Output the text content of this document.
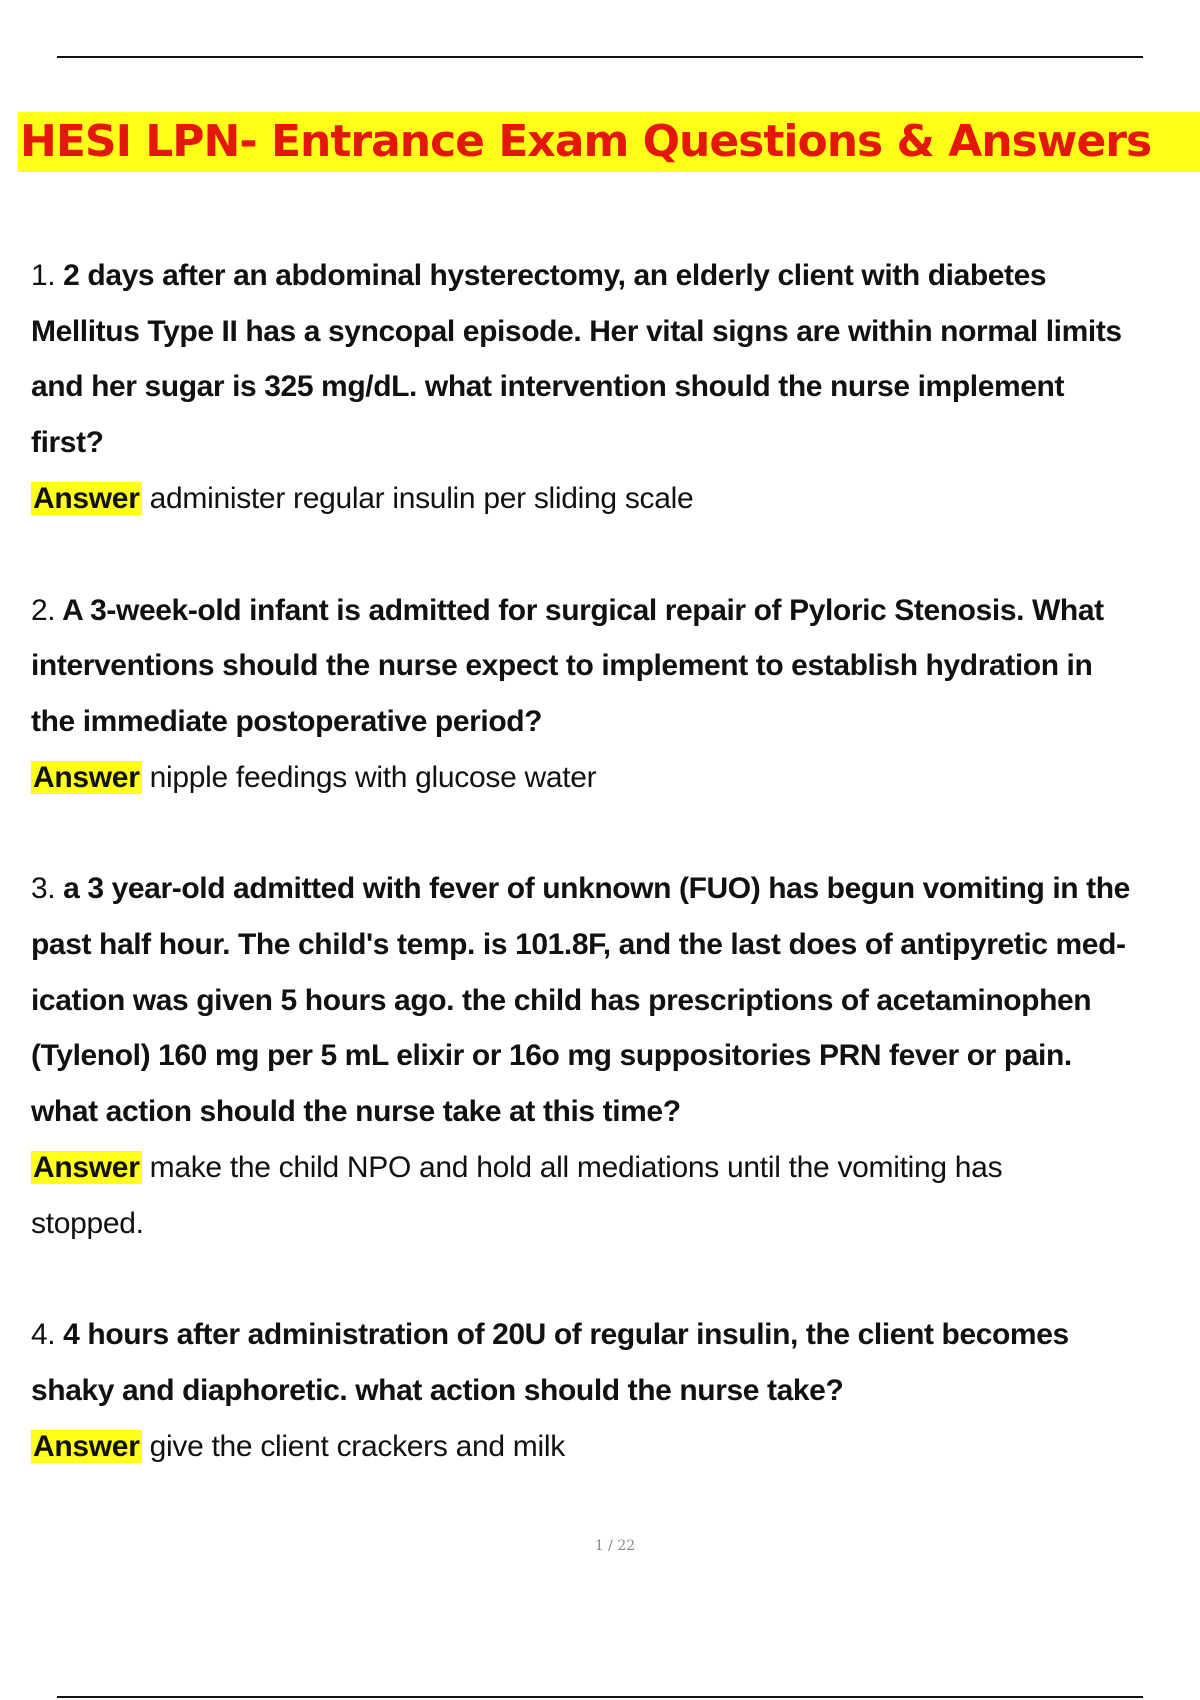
HESI LPN- Entrance Exam Questions & Answers

1. 2 days after an abdominal hysterectomy, an elderly client with diabetes

Mellitus Type II has a syncopal episode. Her vital signs are within normal limits

and her sugar is 325 mg/dL. what intervention should the nurse implement

first?

Answer administer regular insulin per sliding scale

2. A 3-week-old infant is admitted for surgical repair of Pyloric Stenosis. What

interventions should the nurse expect to implement to establish hydration in

the immediate postoperative period?

Answer nipple feedings with glucose water

3. a 3 year-old admitted with fever of unknown (FUO) has begun vomiting in the

past half hour. The child's temp. is 101.8F, and the last does of antipyretic med-

ication was given 5 hours ago. the child has prescriptions of acetaminophen

(Tylenol) 160 mg per 5 mL elixir or 16o mg suppositories PRN fever or pain.

what action should the nurse take at this time?

Answer make the child NPO and hold all mediations until the vomiting has

stopped.

4. 4 hours after administration of 20U of regular insulin, the client becomes

shaky and diaphoretic. what action should the nurse take?

Answer give the client crackers and milk

1 / 22
